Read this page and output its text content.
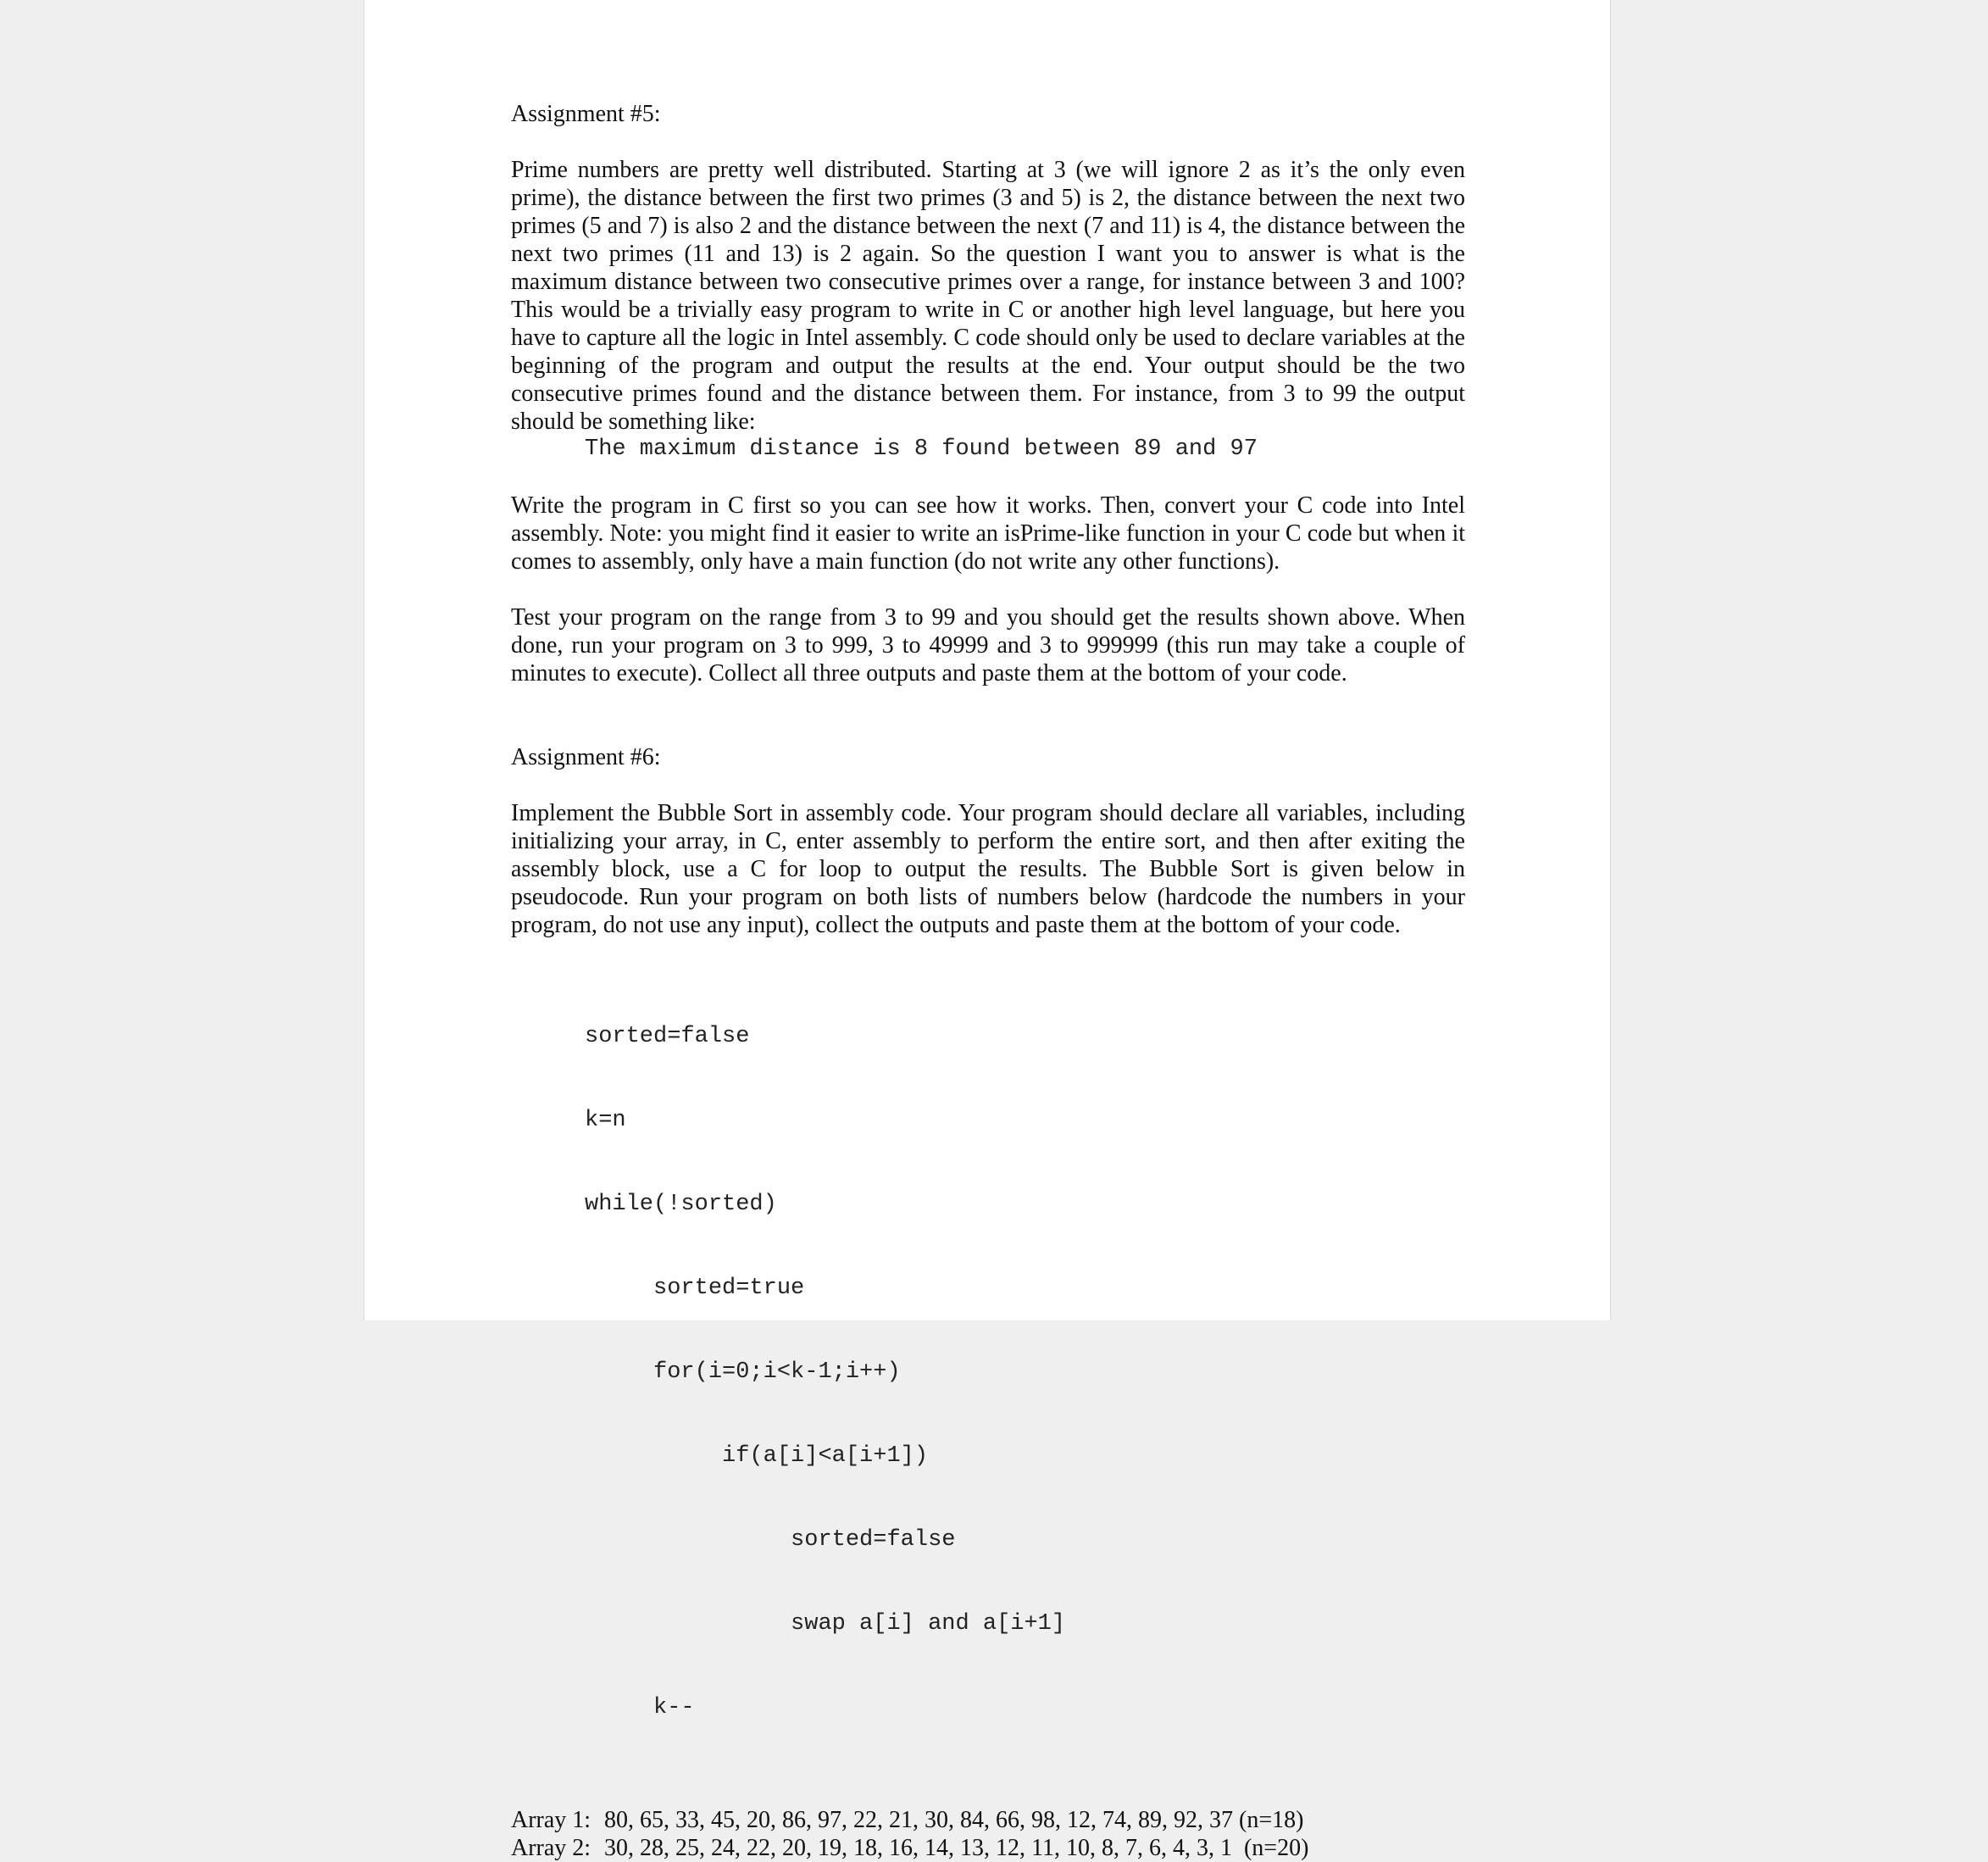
Assignment #5:

Prime numbers are pretty well distributed. Starting at 3 (we will ignore 2 as it’s the only even prime), the distance between the first two primes (3 and 5) is 2, the distance between the next two primes (5 and 7) is also 2 and the distance between the next (7 and 11) is 4, the distance between the next two primes (11 and 13) is 2 again. So the question I want you to answer is what is the maximum distance between two consecutive primes over a range, for instance between 3 and 100? This would be a trivially easy program to write in C or another high level language, but here you have to capture all the logic in Intel assembly. C code should only be used to declare variables at the beginning of the program and output the results at the end. Your output should be the two consecutive primes found and the distance between them. For instance, from 3 to 99 the output should be something like:

The maximum distance is 8 found between 89 and 97

Write the program in C first so you can see how it works. Then, convert your C code into Intel assembly. Note: you might find it easier to write an isPrime-like function in your C code but when it comes to assembly, only have a main function (do not write any other functions).

Test your program on the range from 3 to 99 and you should get the results shown above. When done, run your program on 3 to 999, 3 to 49999 and 3 to 999999 (this run may take a couple of minutes to execute). Collect all three outputs and paste them at the bottom of your code.

Assignment #6:

Implement the Bubble Sort in assembly code. Your program should declare all variables, including initializing your array, in C, enter assembly to perform the entire sort, and then after exiting the assembly block, use a C for loop to output the results. The Bubble Sort is given below in pseudocode. Run your program on both lists of numbers below (hardcode the numbers in your program, do not use any input), collect the outputs and paste them at the bottom of your code.

sorted=false

k=n

while(!sorted)

sorted=true

for(i=0;i<k-1;i++)

if(a[i]<a[i+1])

sorted=false

swap a[i] and a[i+1]

k--

Array 1: 80, 65, 33, 45, 20, 86, 97, 22, 21, 30, 84, 66, 98, 12, 74, 89, 92, 37 (n=18)
Array 2: 30, 28, 25, 24, 22, 20, 19, 18, 16, 14, 13, 12, 11, 10, 8, 7, 6, 4, 3, 1  (n=20)
